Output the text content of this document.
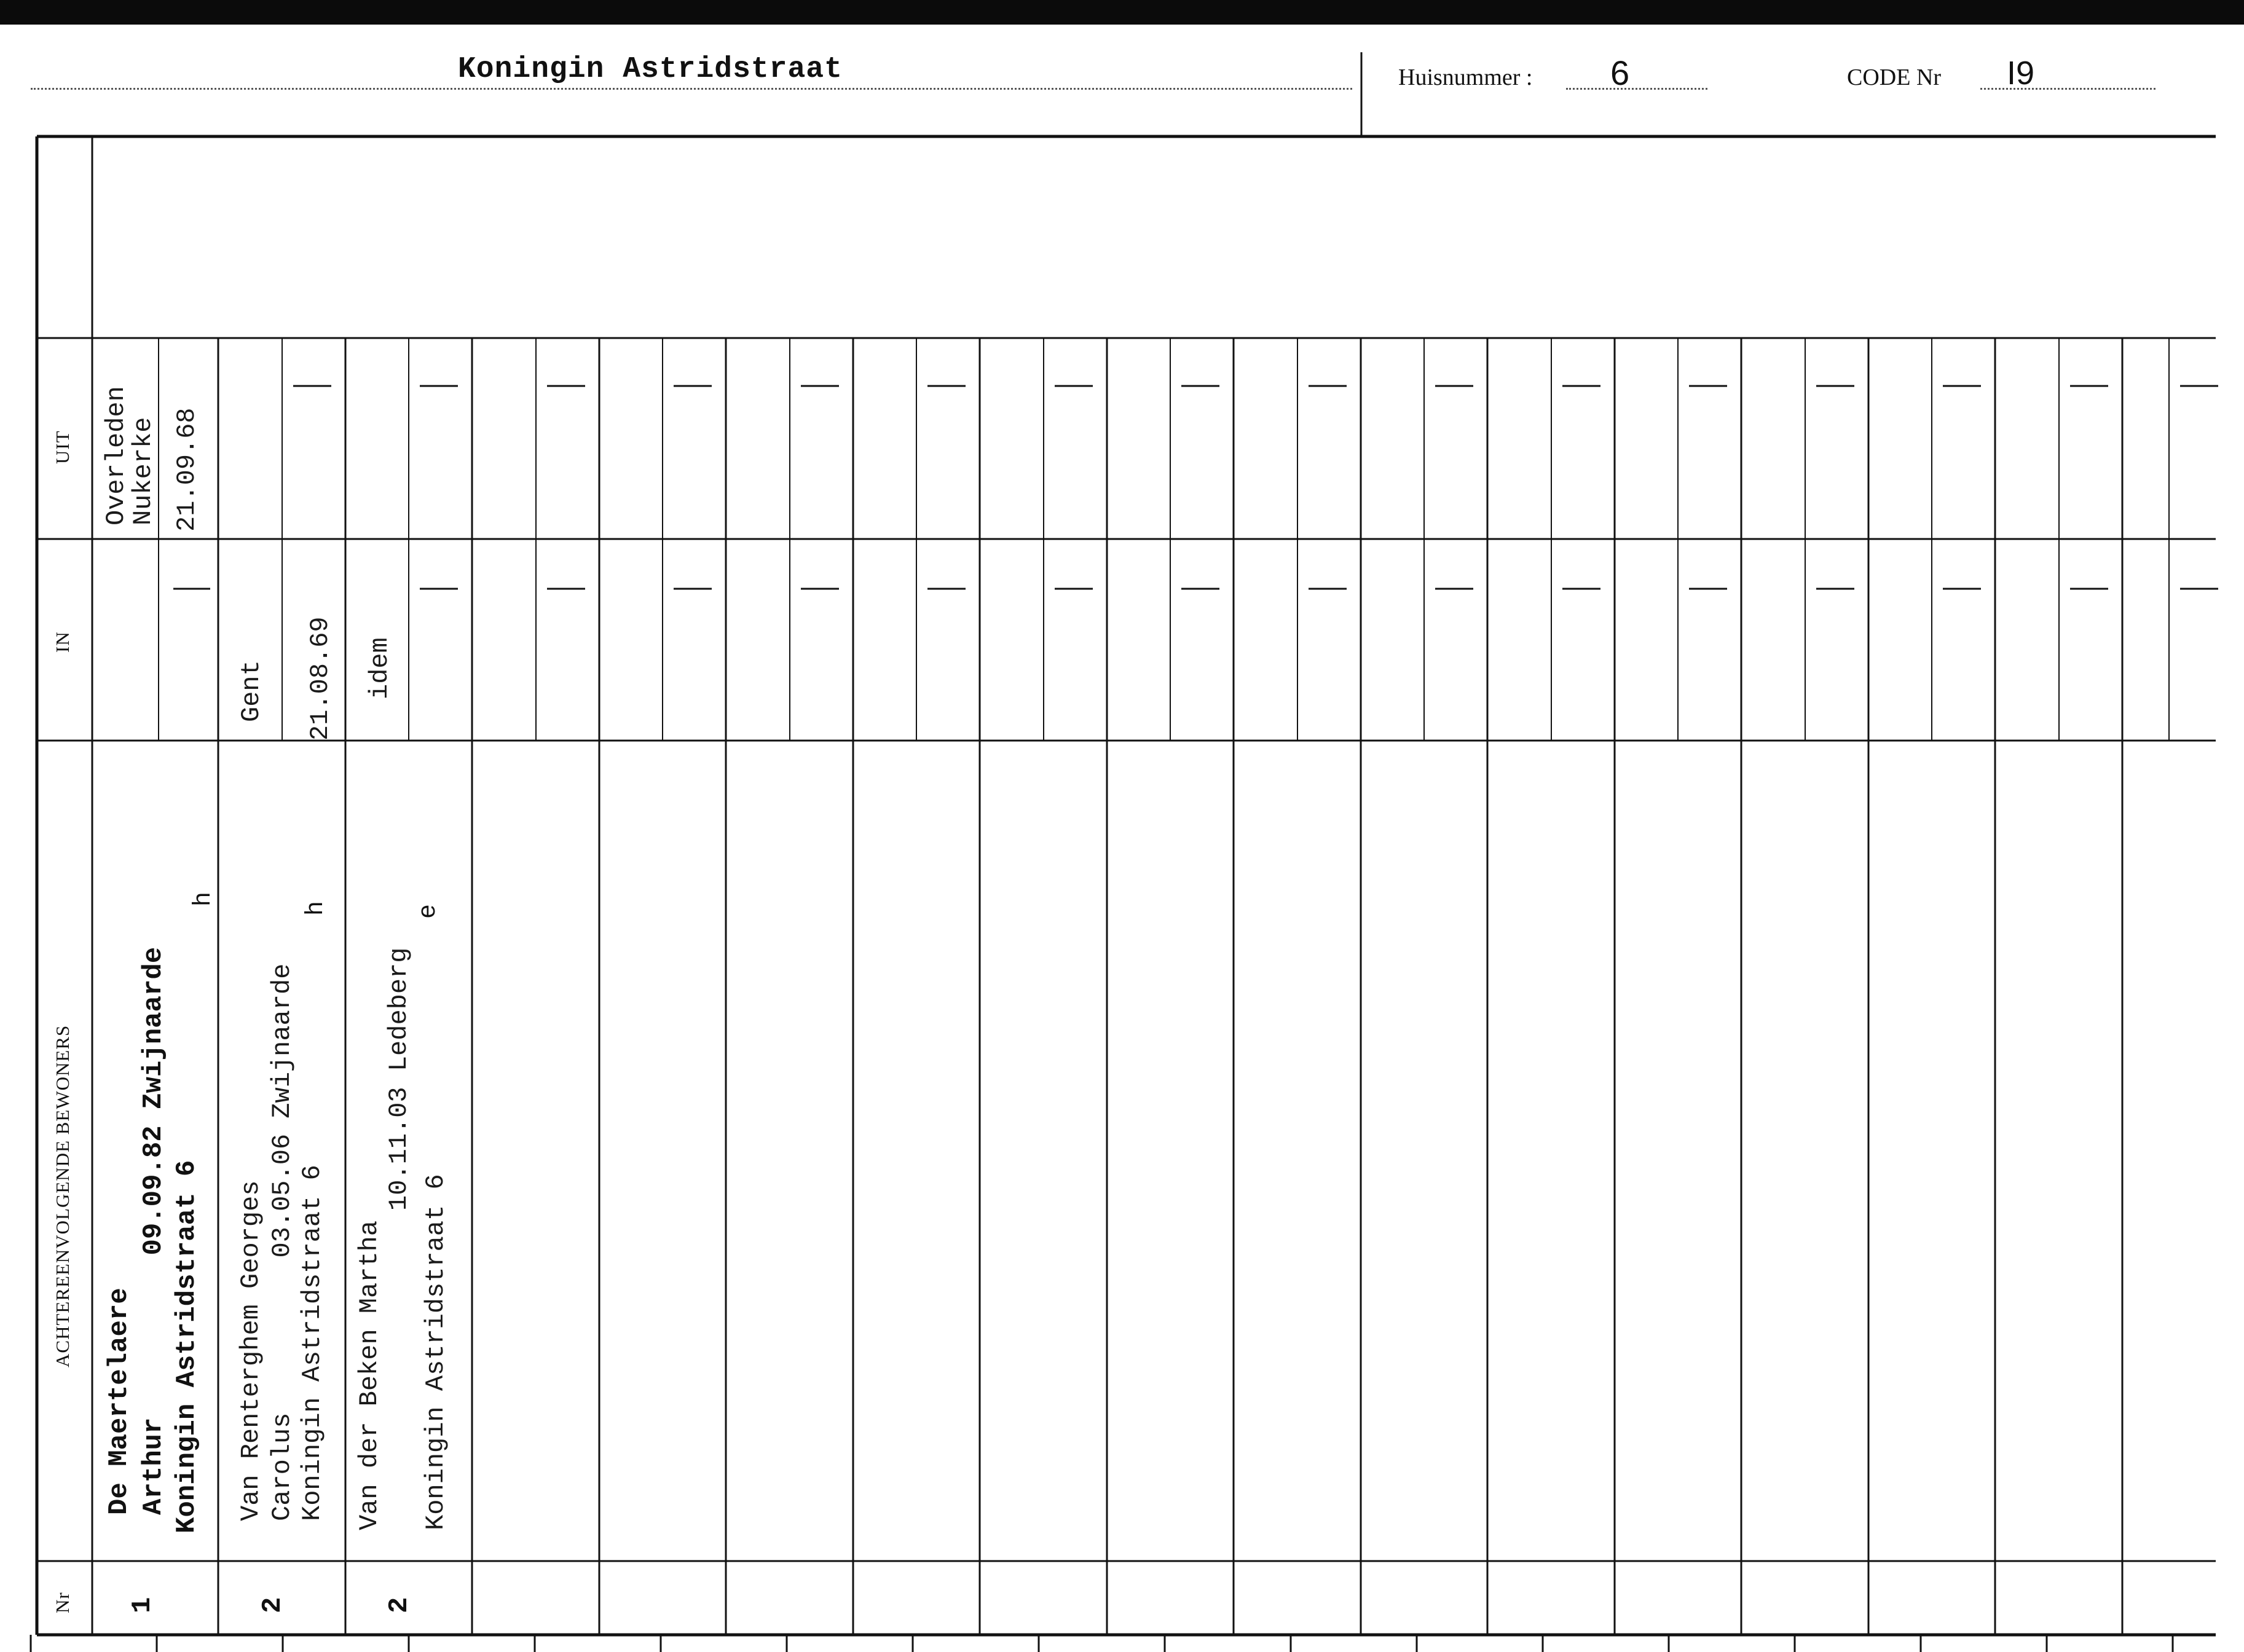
Koningin Astridstraat	Huisnummer : 6	CODE Nr I9
UIT
IN
ACHTEREENVOLGENDE BEWONERS
Nr
Overleden
Nukerke 21.09.68
De Maertelaere Arthur          09.09.82 Zwijnaarde Koningin Astridstraat 6
h
1
Gent 21.08.69
Van Renterghem Georges Carolus          03.05.06 Zwijnaarde Koningin Astridstraat 6
h
2
idem
Van der Beken Martha
10.11.03 Ledeberg
Koningin Astridstraat 6
e
2
